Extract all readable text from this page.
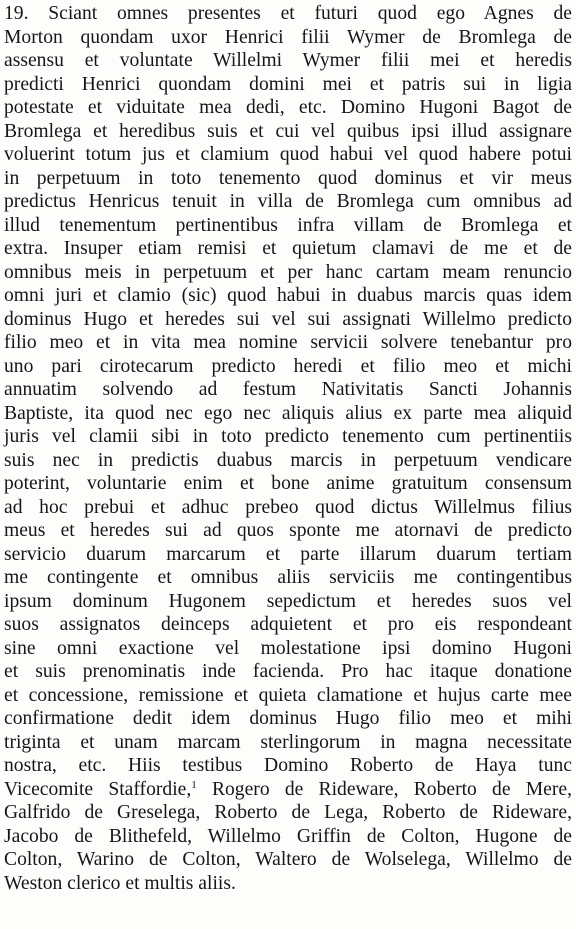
19. Sciant omnes presentes et futuri quod ego Agnes de
Morton quondam uxor Henrici filii Wymer de Bromlega de
assensu et voluntate Willelmi Wymer filii mei et heredis
predicti Henrici quondam domini mei et patris sui in ligia
potestate et viduitate mea dedi, etc. Domino Hugoni Bagot de
Bromlega et heredibus suis et cui vel quibus ipsi illud assignare
voluerint totum jus et clamium quod habui vel quod habere potui
in perpetuum in toto tenemento quod dominus et vir meus
predictus Henricus tenuit in villa de Bromlega cum omnibus ad
illud tenementum pertinentibus infra villam de Bromlega et
extra. Insuper etiam remisi et quietum clamavi de me et de
omnibus meis in perpetuum et per hanc cartam meam renuncio
omni juri et clamio (sic) quod habui in duabus marcis quas idem
dominus Hugo et heredes sui vel sui assignati Willelmo predicto
filio meo et in vita mea nomine servicii solvere tenebantur pro
uno pari cirotecarum predicto heredi et filio meo et michi
annuatim solvendo ad festum Nativitatis Sancti Johannis
Baptiste, ita quod nec ego nec aliquis alius ex parte mea aliquid
juris vel clamii sibi in toto predicto tenemento cum pertinentiis
suis nec in predictis duabus marcis in perpetuum vendicare
poterint, voluntarie enim et bone anime gratuitum consensum
ad hoc prebui et adhuc prebeo quod dictus Willelmus filius
meus et heredes sui ad quos sponte me atornavi de predicto
servicio duarum marcarum et parte illarum duarum tertiam
me contingente et omnibus aliis serviciis me contingentibus
ipsum dominum Hugonem sepedictum et heredes suos vel
suos assignatos deinceps adquietent et pro eis respondeant
sine omni exactione vel molestatione ipsi domino Hugoni
et suis prenominatis inde facienda. Pro hac itaque donatione
et concessione, remissione et quieta clamatione et hujus carte mee
confirmatione dedit idem dominus Hugo filio meo et mihi
triginta et unam marcam sterlingorum in magna necessitate
nostra, etc. Hiis testibus Domino Roberto de Haya tunc
Vicecomite Staffordie,$^1$ Rogero de Rideware, Roberto de Mere,
Galfrido de Greselega, Roberto de Lega, Roberto de Rideware,
Jacobo de Blithefeld, Willelmo Griffin de Colton, Hugone de
Colton, Warino de Colton, Waltero de Wolselega, Willelmo de
Weston clerico et multis aliis.
